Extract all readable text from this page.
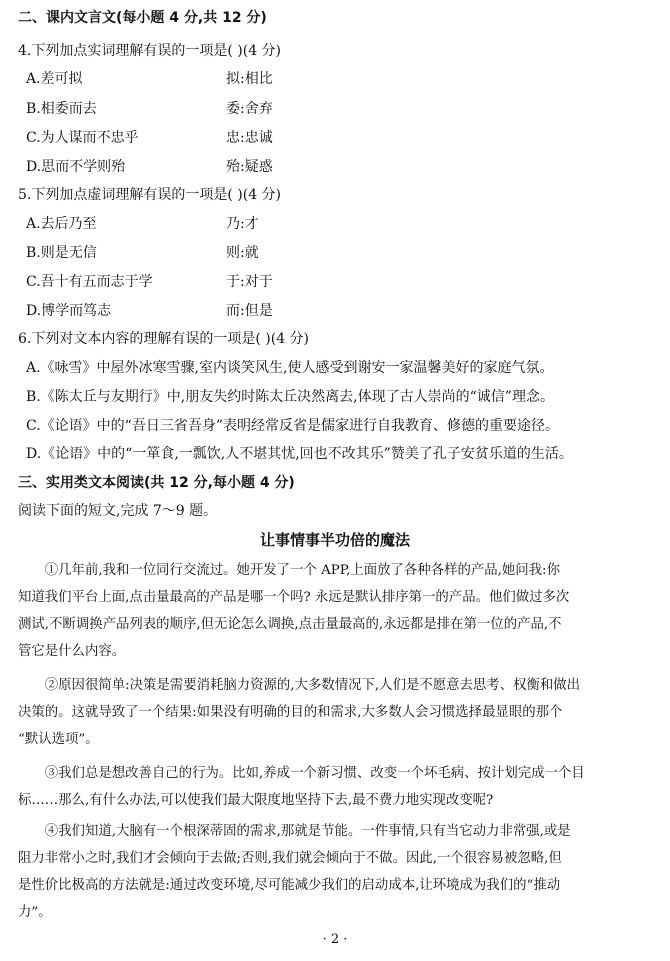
二、课内文言文(每小题 4 分,共 12 分)
4.下列加点实词理解有误的一项是( )(4 分)
A.差可拟	拟:相比
B.相委而去	委:舍弃
C.为人谋而不忠乎	忠:忠诚
D.思而不学则殆	殆:疑惑
5.下列加点虚词理解有误的一项是( )(4 分)
A.去后乃至	乃:才
B.则是无信	则:就
C.吾十有五而志于学	于:对于
D.博学而笃志	而:但是
6.下列对文本内容的理解有误的一项是( )(4 分)
A.《咏雪》中屋外冰寒雪骤,室内谈笑风生,使人感受到谢安一家温馨美好的家庭气氛。
B.《陈太丘与友期行》中,朋友失约时陈太丘决然离去,体现了古人崇尚的“诚信”理念。
C.《论语》中的“吾日三省吾身”表明经常反省是儒家进行自我教育、修德的重要途径。
D.《论语》中的“一箪食,一瓢饮,人不堪其忧,回也不改其乐”赞美了孔子安贫乐道的生活。
三、实用类文本阅读(共 12 分,每小题 4 分)
阅读下面的短文,完成 7～9 题。
让事情事半功倍的魔法
　　①几年前,我和一位同行交流过。她开发了一个 APP,上面放了各种各样的产品,她问我:你
知道我们平台上面,点击量最高的产品是哪一个吗? 永远是默认排序第一的产品。他们做过多次
测试,不断调换产品列表的顺序,但无论怎么调换,点击量最高的,永远都是排在第一位的产品,不
管它是什么内容。
　　②原因很简单:决策是需要消耗脑力资源的,大多数情况下,人们是不愿意去思考、权衡和做出
决策的。这就导致了一个结果:如果没有明确的目的和需求,大多数人会习惯选择最显眼的那个
“默认选项”。
　　③我们总是想改善自己的行为。比如,养成一个新习惯、改变一个坏毛病、按计划完成一个目
标……那么,有什么办法,可以使我们最大限度地坚持下去,最不费力地实现改变呢?
　　④我们知道,大脑有一个根深蒂固的需求,那就是节能。一件事情,只有当它动力非常强,或是
阻力非常小之时,我们才会倾向于去做;否则,我们就会倾向于不做。因此,一个很容易被忽略,但
是性价比极高的方法就是:通过改变环境,尽可能减少我们的启动成本,让环境成为我们的“推动
力”。
· 2 ·
